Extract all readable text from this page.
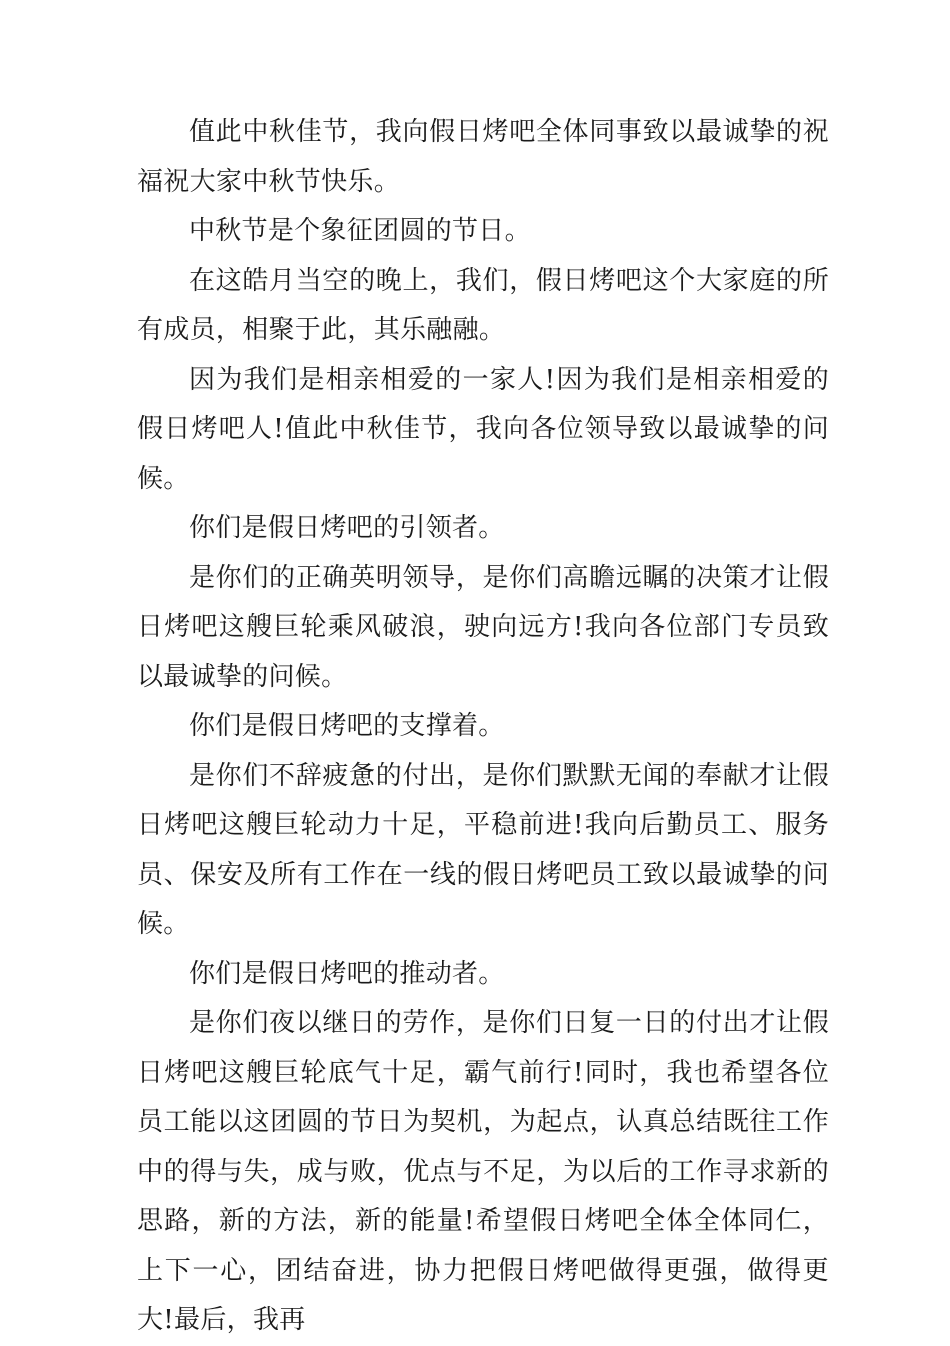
值此中秋佳节，我向假日烤吧全体同事致以最诚挚的祝福祝大家中秋节快乐。

中秋节是个象征团圆的节日。

在这皓月当空的晚上，我们，假日烤吧这个大家庭的所有成员，相聚于此，其乐融融。

因为我们是相亲相爱的一家人!因为我们是相亲相爱的假日烤吧人!值此中秋佳节，我向各位领导致以最诚挚的问候。

你们是假日烤吧的引领者。

是你们的正确英明领导，是你们高瞻远瞩的决策才让假日烤吧这艘巨轮乘风破浪，驶向远方!我向各位部门专员致以最诚挚的问候。

你们是假日烤吧的支撑着。

是你们不辞疲惫的付出，是你们默默无闻的奉献才让假日烤吧这艘巨轮动力十足，平稳前进!我向后勤员工、服务员、保安及所有工作在一线的假日烤吧员工致以最诚挚的问候。

你们是假日烤吧的推动者。

是你们夜以继日的劳作，是你们日复一日的付出才让假日烤吧这艘巨轮底气十足，霸气前行!同时，我也希望各位员工能以这团圆的节日为契机，为起点，认真总结既往工作中的得与失，成与败，优点与不足，为以后的工作寻求新的思路，新的方法，新的能量!希望假日烤吧全体全体同仁，上下一心，团结奋进，协力把假日烤吧做得更强，做得更大!最后，我再
